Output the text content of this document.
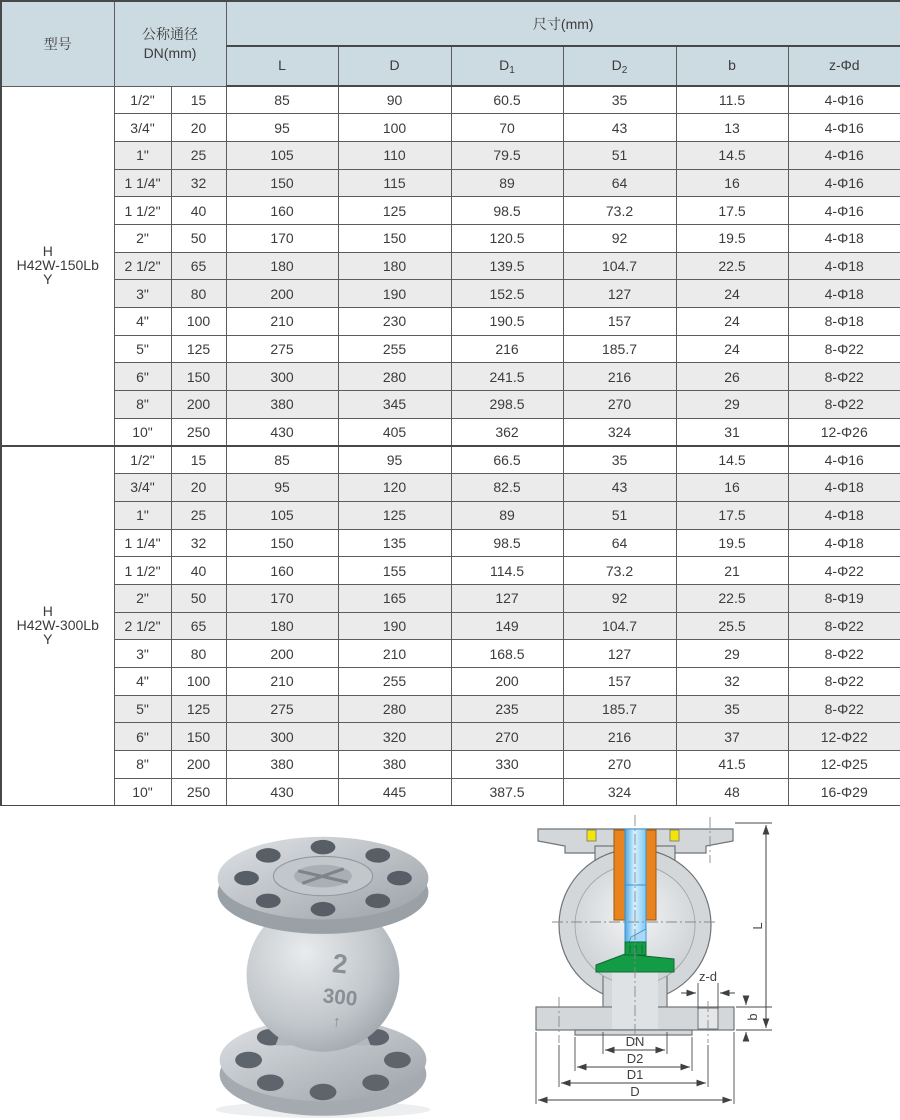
型号	公称通径
DN(mm)		尺寸(mm)					
			L	D	$D_1$	$D_2$	b	z-Φd

H
H42W-150Lb
Y	1/2"	15	85	90	60.5	35	11.5	4-Φ16
	3/4"	20	95	100	70	43	13	4-Φ16
	1"	25	105	110	79.5	51	14.5	4-Φ16
	1 1/4"	32	150	115	89	64	16	4-Φ16
	1 1/2"	40	160	125	98.5	73.2	17.5	4-Φ16
	2"	50	170	150	120.5	92	19.5	4-Φ18
	2 1/2"	65	180	180	139.5	104.7	22.5	4-Φ18
	3"	80	200	190	152.5	127	24	4-Φ18
	4"	100	210	230	190.5	157	24	8-Φ18
	5"	125	275	255	216	185.7	24	8-Φ22
	6"	150	300	280	241.5	216	26	8-Φ22
	8"	200	380	345	298.5	270	29	8-Φ22
	10"	250	430	405	362	324	31	12-Φ26

H
H42W-300Lb
Y	1/2"	15	85	95	66.5	35	14.5	4-Φ16
	3/4"	20	95	120	82.5	43	16	4-Φ18
	1"	25	105	125	89	51	17.5	4-Φ18
	1 1/4"	32	150	135	98.5	64	19.5	4-Φ18
	1 1/2"	40	160	155	114.5	73.2	21	4-Φ22
	2"	50	170	165	127	92	22.5	8-Φ19
	2 1/2"	65	180	190	149	104.7	25.5	8-Φ22
	3"	80	200	210	168.5	127	29	8-Φ22
	4"	100	210	255	200	157	32	8-Φ22
	5"	125	275	280	235	185.7	35	8-Φ22
	6"	150	300	320	270	216	37	12-Φ22
	8"	200	380	380	330	270	41.5	12-Φ25
	10"	250	430	445	387.5	324	48	16-Φ29
2
300
↑
L
z-d
b
DN
D2
D1
D
